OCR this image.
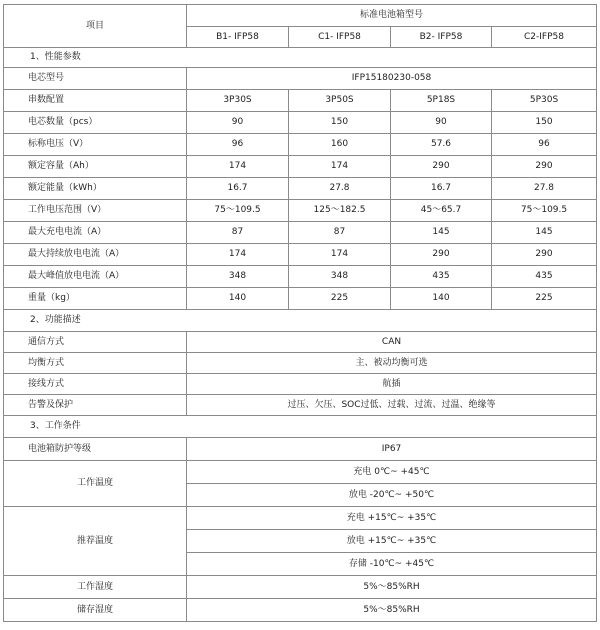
项目	标准电池箱型号			
	B1- IFP58	C1- IFP58	B2- IFP58	C2-IFP58
1、性能参数				
电芯型号	IFP15180230-058			
串数配置	3P30S	3P50S	5P18S	5P30S
电芯数量（pcs）	90	150	90	150
标称电压（V）	96	160	57.6	96
额定容量（Ah）	174	174	290	290
额定能量（kWh）	16.7	27.8	16.7	27.8
工作电压范围（V）	75～109.5	125～182.5	45～65.7	75～109.5
最大充电电流（A）	87	87	145	145
最大持续放电电流（A）	174	174	290	290
最大峰值放电电流（A）	348	348	435	435
重量（kg）	140	225	140	225
2、功能描述				
通信方式	CAN			
均衡方式	主、被动均衡可选			
接线方式	航插			
告警及保护	过压、欠压、SOC过低、过载、过流、过温、绝缘等			
3、工作条件				
电池箱防护等级	IP67			
工作温度	充电 0℃~ +45℃			
	放电 -20℃~ +50℃			
推荐温度	充电 +15℃~ +35℃			
	放电 +15℃~ +35℃			
	存储 -10℃~ +45℃			
工作湿度	5%～85%RH			
储存湿度	5%～85%RH			
